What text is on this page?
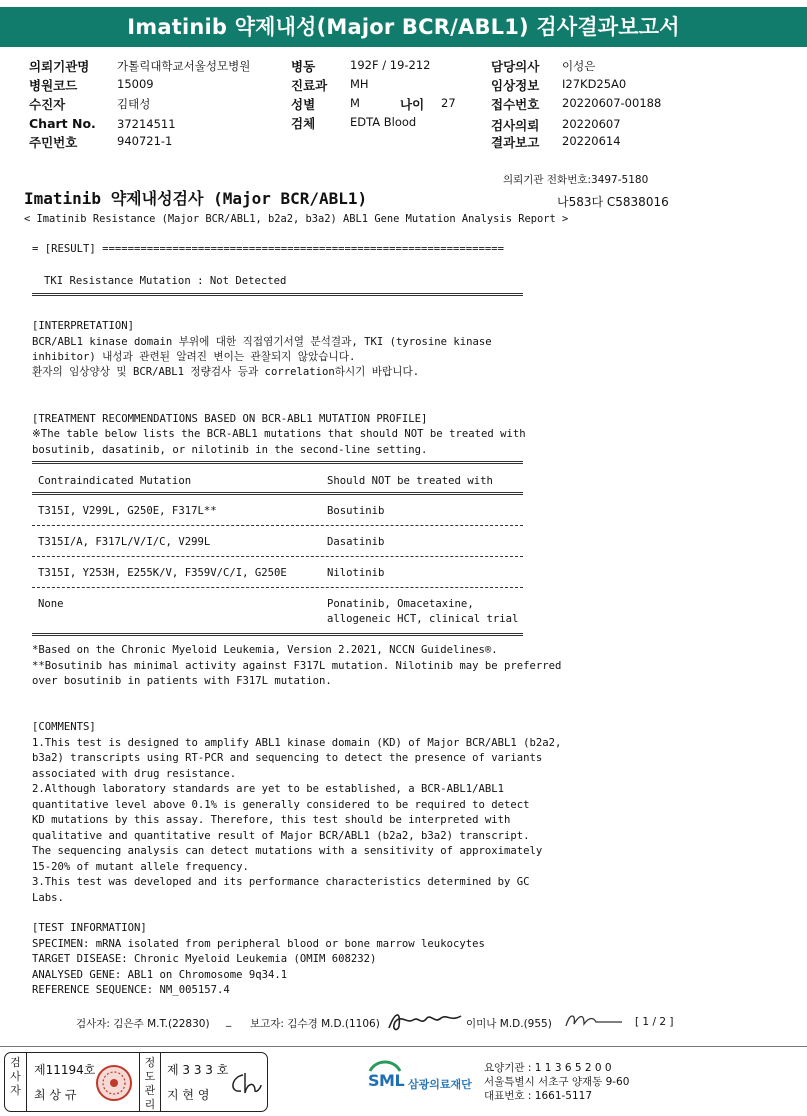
Imatinib 약제내성(Major BCR/ABL1) 검사결과보고서
의뢰기관명 가톨릭대학교서울성모병원
병원코드	15009
수진자	김태성
Chart No. 37214511
주민번호	940721-1
병동	192F / 19-212
진료과 MH
성별	M	나이 27
검체	EDTA Blood
담당의사 이성은
임상정보 I27KD25A0
접수번호 20220607-00188
검사의뢰 20220607
결과보고 20220614
의뢰기관 전화번호:3497-5180
Imatinib 약제내성검사 (Major BCR/ABL1)	나583다 C5838016
< Imatinib Resistance (Major BCR/ABL1, b2a2, b3a2) ABL1 Gene Mutation Analysis Report >
= [RESULT] ===============================================================
TKI Resistance Mutation : Not Detected
[INTERPRETATION]
BCR/ABL1 kinase domain 부위에 대한 직접염기서열 분석결과, TKI (tyrosine kinase
inhibitor) 내성과 관련된 알려진 변이는 관찰되지 않았습니다.
환자의 임상양상 및 BCR/ABL1 정량검사 등과 correlation하시기 바랍니다.
[TREATMENT RECOMMENDATIONS BASED ON BCR-ABL1 MUTATION PROFILE]
※The table below lists the BCR-ABL1 mutations that should NOT be treated with
bosutinib, dasatinib, or nilotinib in the second-line setting.
Contraindicated Mutation	Should NOT be treated with
T315I, V299L, G250E, F317L**	Bosutinib
T315I/A, F317L/V/I/C, V299L	Dasatinib
T315I, Y253H, E255K/V, F359V/C/I, G250E	Nilotinib
None	Ponatinib, Omacetaxine,
allogeneic HCT, clinical trial
*Based on the Chronic Myeloid Leukemia, Version 2.2021, NCCN Guidelines®.
**Bosutinib has minimal activity against F317L mutation. Nilotinib may be preferred
over bosutinib in patients with F317L mutation.
[COMMENTS]
1.This test is designed to amplify ABL1 kinase domain (KD) of Major BCR/ABL1 (b2a2,
b3a2) transcripts using RT-PCR and sequencing to detect the presence of variants
associated with drug resistance.
2.Although laboratory standards are yet to be established, a BCR-ABL1/ABL1
quantitative level above 0.1% is generally considered to be required to detect
KD mutations by this assay. Therefore, this test should be interpreted with
qualitative and quantitative result of Major BCR/ABL1 (b2a2, b3a2) transcript.
The sequencing analysis can detect mutations with a sensitivity of approximately
15-20% of mutant allele frequency.
3.This test was developed and its performance characteristics determined by GC
Labs.
[TEST INFORMATION]
SPECIMEN: mRNA isolated from peripheral blood or bone marrow leukocytes
TARGET DISEASE: Chronic Myeloid Leukemia (OMIM 608232)
ANALYSED GENE: ABL1 on Chromosome 9q34.1
REFERENCE SEQUENCE: NM_005157.4
검사자: 김은주 M.T.(22830) _ 보고자: 김수경 M.D.(1106)	이미나 M.D.(955)	[ 1 / 2 ]
검사자
제11194호
최 상 규
정도관리
제 3 3 3 호
지 현 영
SML 삼광의료재단
요양기관 : 1 1 3 6 5 2 0 0
서울특별시 서초구 양재동 9-60
대표번호 : 1661-5117
